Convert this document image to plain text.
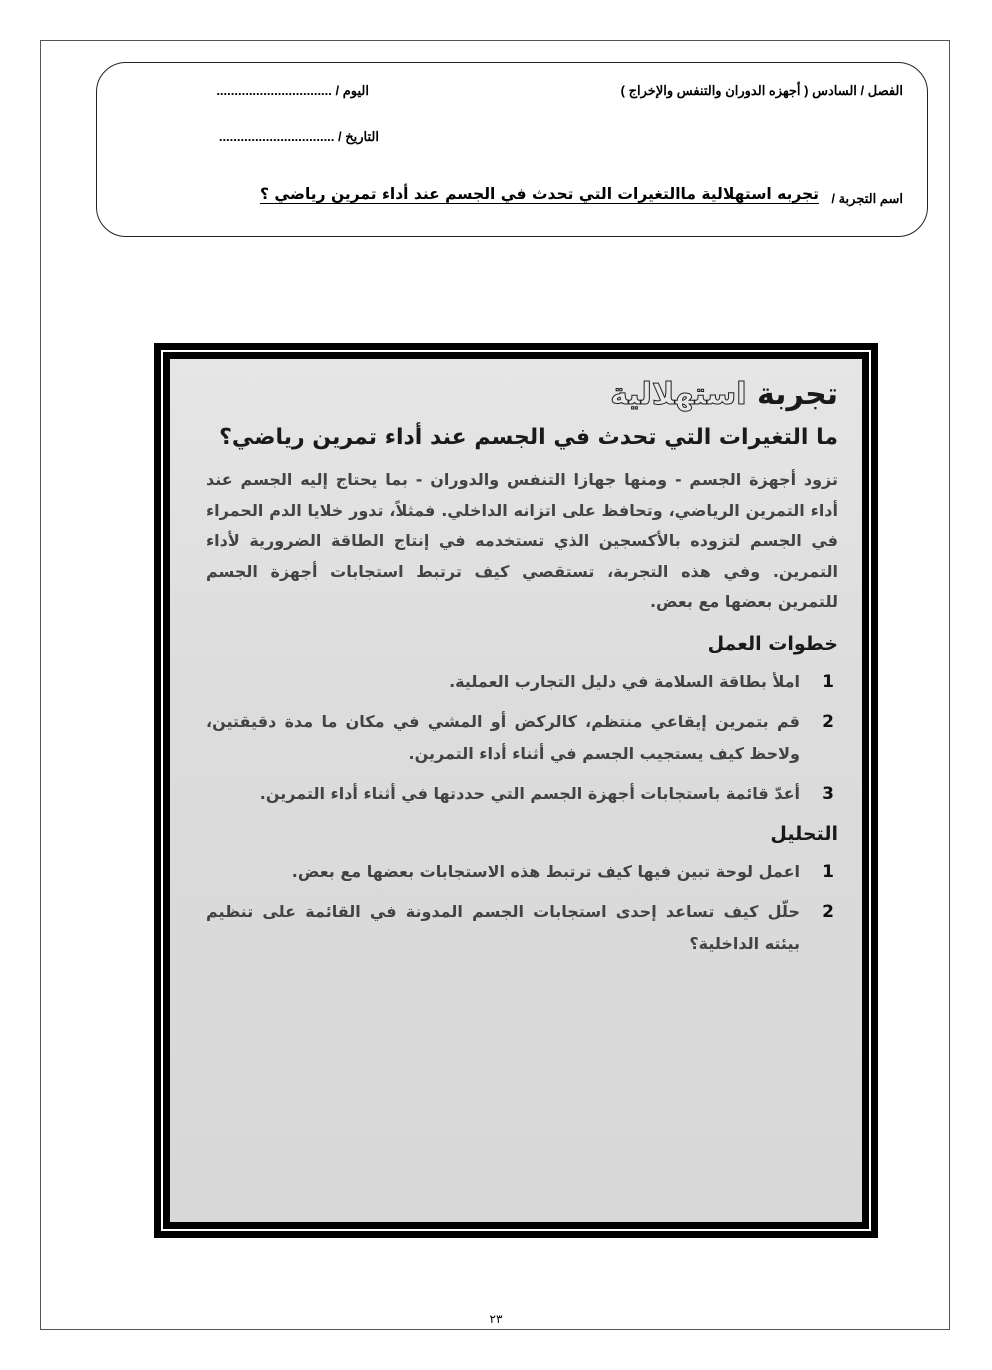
الفصل / السادس ( أجهزه الدوران والتنفس والإخراج )
اليوم / ................................
التاريخ / ................................
اسم التجربة /
تجربه استهلالية ماالتغيرات التي تحدث في الجسم عند أداء تمرين رياضي ؟
تجربة استهلالية
ما التغيرات التي تحدث في الجسم عند أداء تمرين رياضي؟
تزود أجهزة الجسم - ومنها جهازا التنفس والدوران - بما يحتاج إليه الجسم عند أداء التمرين الرياضي، وتحافظ على اتزانه الداخلي. فمثلاً، تدور خلايا الدم الحمراء في الجسم لتزوده بالأكسجين الذي تستخدمه في إنتاج الطاقة الضرورية لأداء التمرين. وفي هذه التجربة، تستقصي كيف ترتبط استجابات أجهزة الجسم للتمرين بعضها مع بعض.
خطوات العمل
1
املأ بطاقة السلامة في دليل التجارب العملية.
2
قم بتمرين إيقاعي منتظم، كالركض أو المشي في مكان ما مدة دقيقتين، ولاحظ كيف يستجيب الجسم في أثناء أداء التمرين.
3
أعدّ قائمة باستجابات أجهزة الجسم التي حددتها في أثناء أداء التمرين.
التحليل
1
اعمل لوحة تبين فيها كيف ترتبط هذه الاستجابات بعضها مع بعض.
2
حلّل كيف تساعد إحدى استجابات الجسم المدونة في القائمة على تنظيم بيئته الداخلية؟
٢٣
